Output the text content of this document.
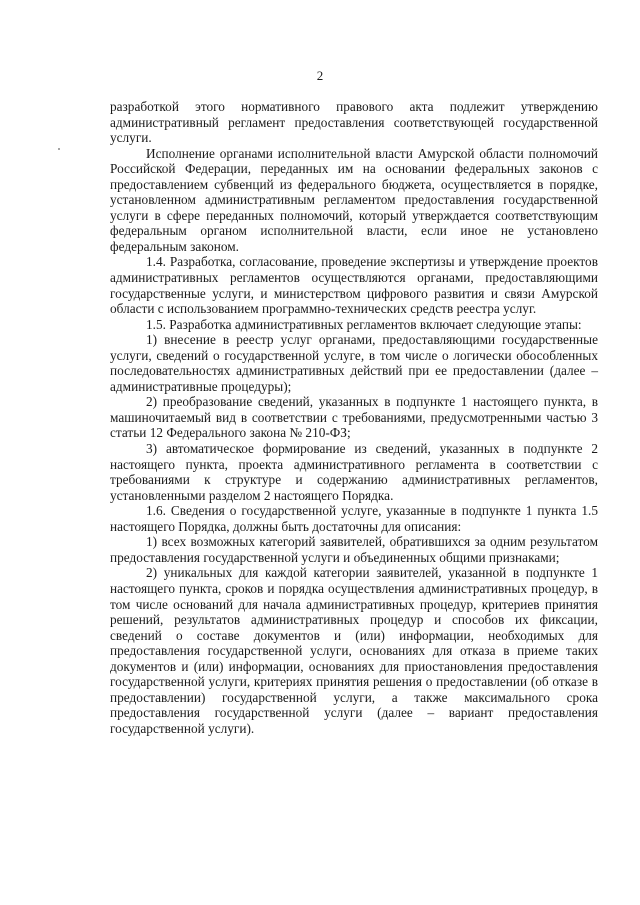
2

разработкой этого нормативного правового акта подлежит утверждению административный регламент предоставления соответствующей государственной услуги.

Исполнение органами исполнительной власти Амурской области полномочий Российской Федерации, переданных им на основании федеральных законов с предоставлением субвенций из федерального бюджета, осуществляется в порядке, установленном административным регламентом предоставления государственной услуги в сфере переданных полномочий, который утверждается соответствующим федеральным органом исполнительной власти, если иное не установлено федеральным законом.

1.4. Разработка, согласование, проведение экспертизы и утверждение проектов административных регламентов осуществляются органами, предоставляющими государственные услуги, и министерством цифрового развития и связи Амурской области с использованием программно-технических средств реестра услуг.

1.5. Разработка административных регламентов включает следующие этапы:

1) внесение в реестр услуг органами, предоставляющими государственные услуги, сведений о государственной услуге, в том числе о логически обособленных последовательностях административных действий при ее предоставлении (далее – административные процедуры);

2) преобразование сведений, указанных в подпункте 1 настоящего пункта, в машиночитаемый вид в соответствии с требованиями, предусмотренными частью 3 статьи 12 Федерального закона № 210-ФЗ;

3) автоматическое формирование из сведений, указанных в подпункте 2 настоящего пункта, проекта административного регламента в соответствии с требованиями к структуре и содержанию административных регламентов, установленными разделом 2 настоящего Порядка.

1.6. Сведения о государственной услуге, указанные в подпункте 1 пункта 1.5 настоящего Порядка, должны быть достаточны для описания:

1) всех возможных категорий заявителей, обратившихся за одним результатом предоставления государственной услуги и объединенных общими признаками;

2) уникальных для каждой категории заявителей, указанной в подпункте 1 настоящего пункта, сроков и порядка осуществления административных процедур, в том числе оснований для начала административных процедур, критериев принятия решений, результатов административных процедур и способов их фиксации, сведений о составе документов и (или) информации, необходимых для предоставления государственной услуги, основаниях для отказа в приеме таких документов и (или) информации, основаниях для приостановления предоставления государственной услуги, критериях принятия решения о предоставлении (об отказе в предоставлении) государственной услуги, а также максимального срока предоставления государственной услуги (далее – вариант предоставления государственной услуги).
